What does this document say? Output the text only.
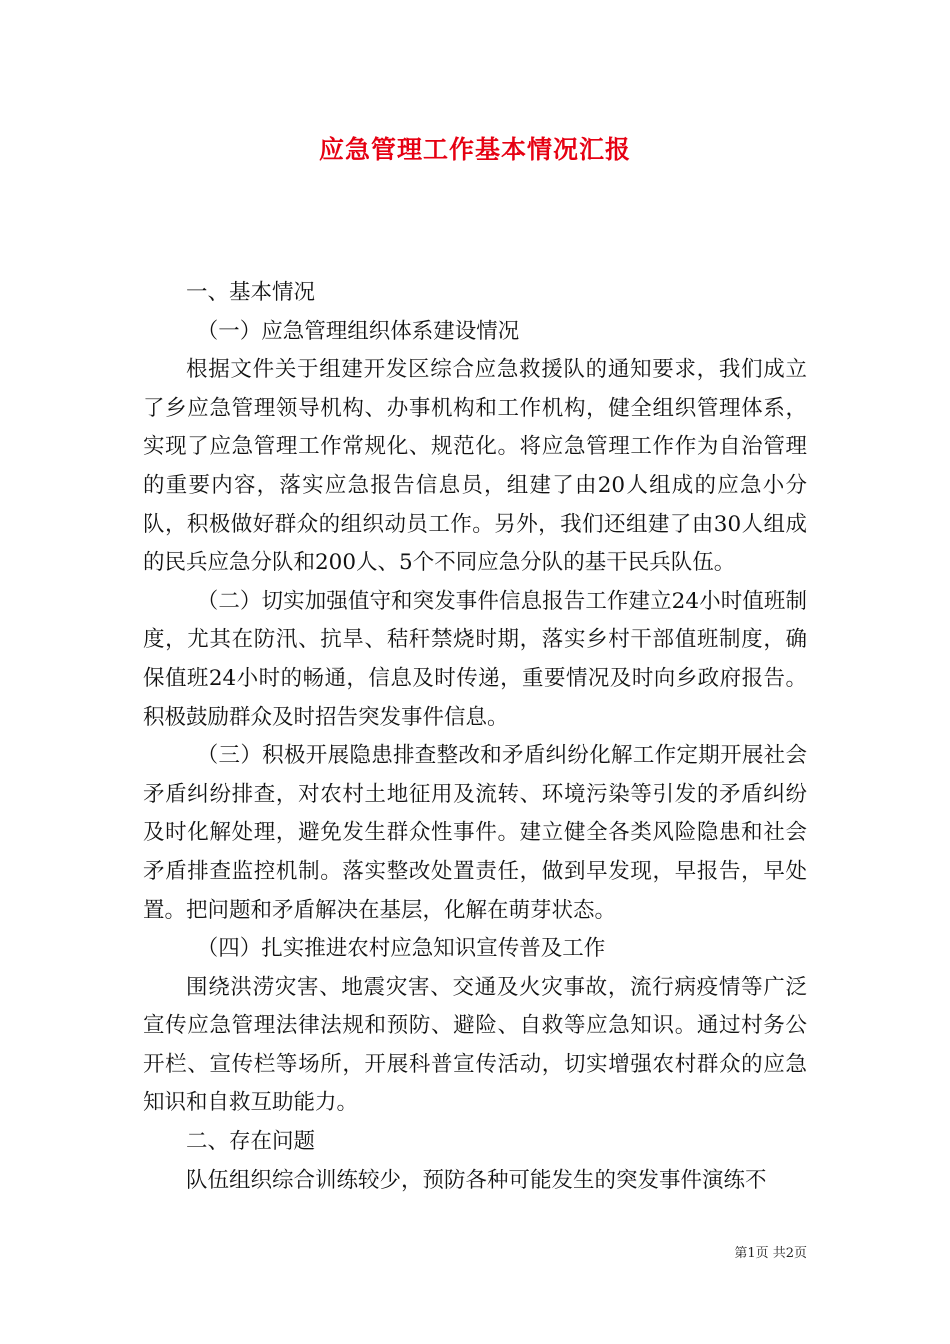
应急管理工作基本情况汇报

一、基本情况

（一）应急管理组织体系建设情况

根据文件关于组建开发区综合应急救援队的通知要求，我们成立了乡应急管理领导机构、办事机构和工作机构，健全组织管理体系，实现了应急管理工作常规化、规范化。将应急管理工作作为自治管理的重要内容，落实应急报告信息员，组建了由20人组成的应急小分队，积极做好群众的组织动员工作。另外，我们还组建了由30人组成的民兵应急分队和200人、5个不同应急分队的基干民兵队伍。

（二）切实加强值守和突发事件信息报告工作建立24小时值班制度，尤其在防汛、抗旱、秸秆禁烧时期，落实乡村干部值班制度，确保值班24小时的畅通，信息及时传递，重要情况及时向乡政府报告。积极鼓励群众及时招告突发事件信息。

（三）积极开展隐患排查整改和矛盾纠纷化解工作定期开展社会矛盾纠纷排查，对农村土地征用及流转、环境污染等引发的矛盾纠纷及时化解处理，避免发生群众性事件。建立健全各类风险隐患和社会矛盾排查监控机制。落实整改处置责任，做到早发现，早报告，早处置。把问题和矛盾解决在基层，化解在萌芽状态。

（四）扎实推进农村应急知识宣传普及工作

围绕洪涝灾害、地震灾害、交通及火灾事故，流行病疫情等广泛宣传应急管理法律法规和预防、避险、自救等应急知识。通过村务公开栏、宣传栏等场所，开展科普宣传活动，切实增强农村群众的应急知识和自救互助能力。

二、存在问题

队伍组织综合训练较少，预防各种可能发生的突发事件演练不

第1页 共2页
